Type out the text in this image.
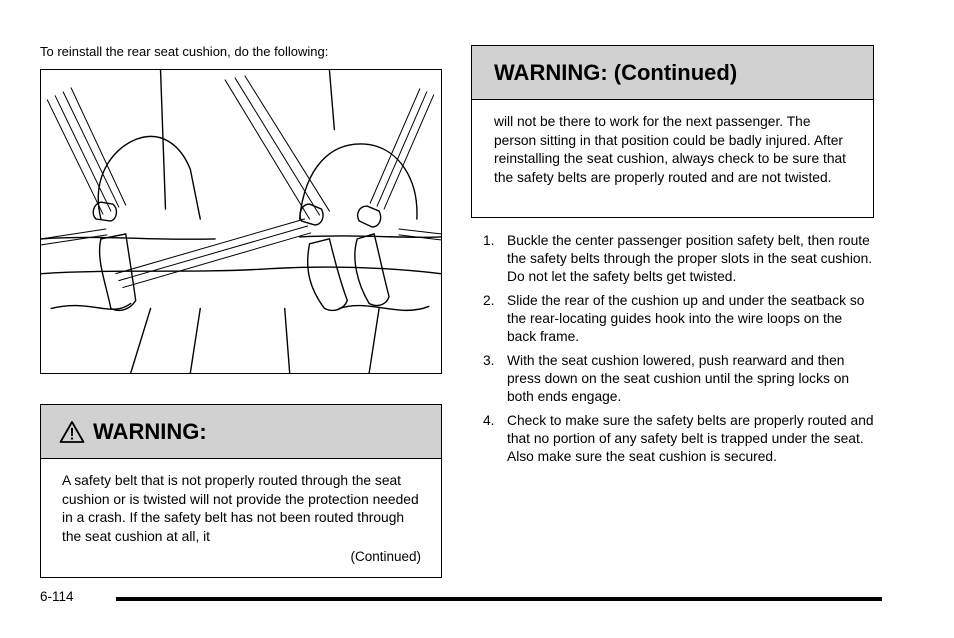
To reinstall the rear seat cushion, do the following:
WARNING:
A safety belt that is not properly routed through the seat cushion or is twisted will not provide the protection needed in a crash. If the safety belt has not been routed through the seat cushion at all, it
(Continued)
WARNING: (Continued)
will not be there to work for the next passenger. The person sitting in that position could be badly injured. After reinstalling the seat cushion, always check to be sure that the safety belts are properly routed and are not twisted.
1. Buckle the center passenger position safety belt, then route the safety belts through the proper slots in the seat cushion. Do not let the safety belts get twisted.
2. Slide the rear of the cushion up and under the seatback so the rear-locating guides hook into the wire loops on the back frame.
3. With the seat cushion lowered, push rearward and then press down on the seat cushion until the spring locks on both ends engage.
4. Check to make sure the safety belts are properly routed and that no portion of any safety belt is trapped under the seat. Also make sure the seat cushion is secured.
6-114
